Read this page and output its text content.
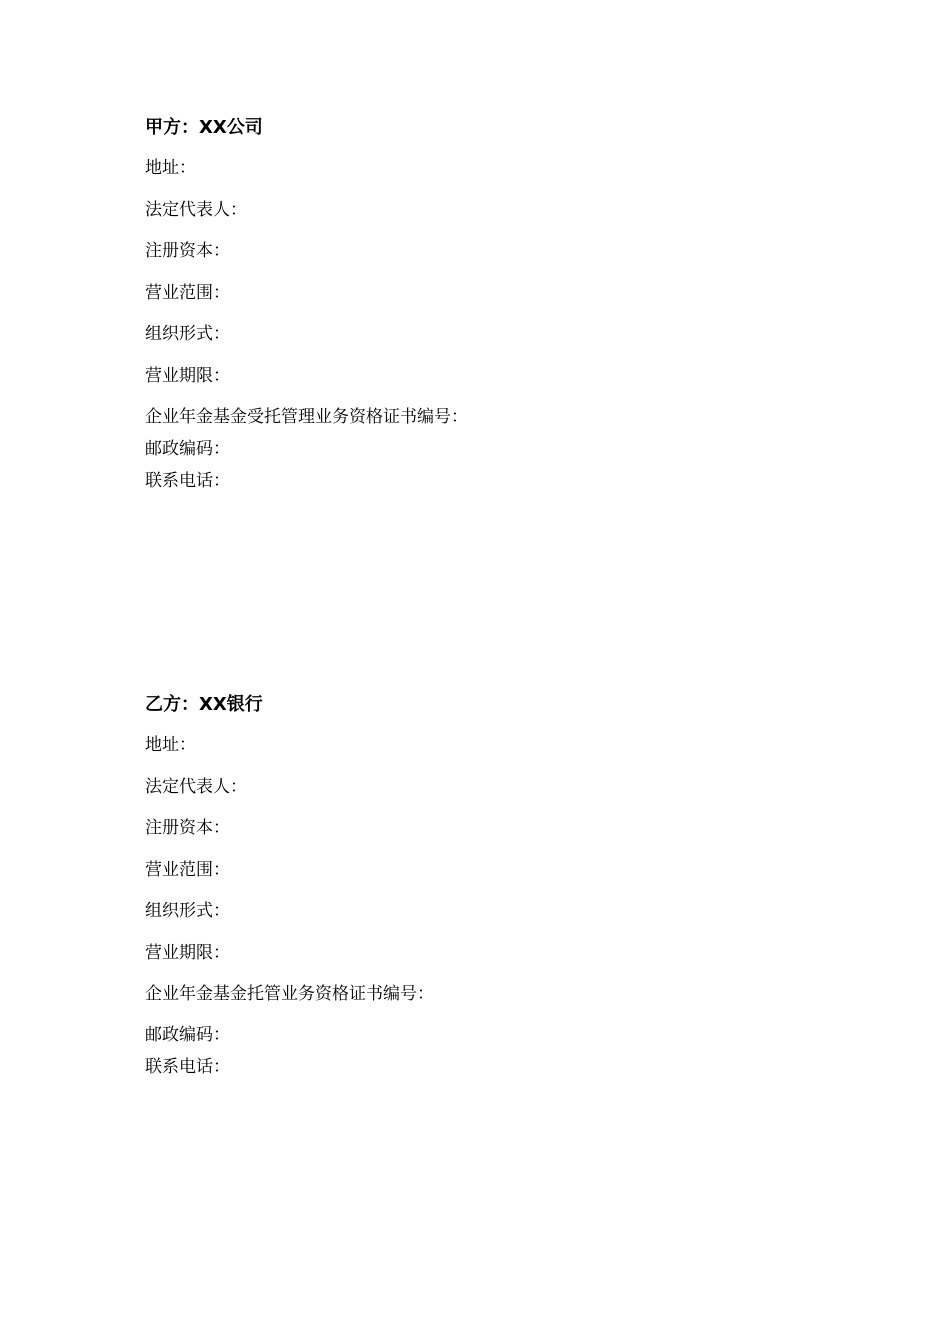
甲方：XX公司
地址：
法定代表人：
注册资本：
营业范围：
组织形式：
营业期限：
企业年金基金受托管理业务资格证书编号：
邮政编码：
联系电话：
乙方：XX银行
地址：
法定代表人：
注册资本：
营业范围：
组织形式：
营业期限：
企业年金基金托管业务资格证书编号：
邮政编码：
联系电话：
